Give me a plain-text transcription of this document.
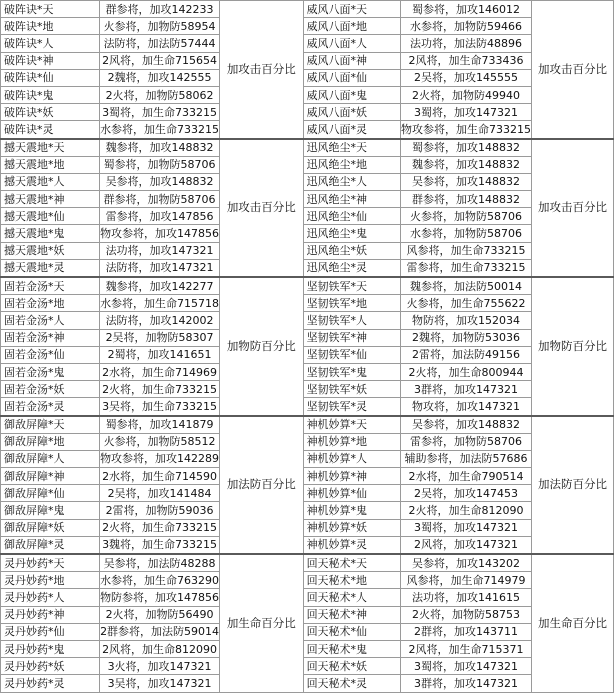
破阵诀*天	群参将，加攻142233	加攻击百分比	威风八面*天	蜀参将，加攻146012	加攻击百分比
破阵诀*地	火参将，加物防58954		威风八面*地	水参将，加物防59466	
破阵诀*人	法防将，加法防57444		威风八面*人	法功将，加法防48896	
破阵诀*神	2风将，加生命715654		威风八面*神	2风将，加生命733436	
破阵诀*仙	2魏将，加攻142555		威风八面*仙	2吴将，加攻145555	
破阵诀*鬼	2火将，加物防58062		威风八面*鬼	2火将，加物防49940	
破阵诀*妖	3蜀将，加生命733215		威风八面*妖	3蜀将，加攻147321	
破阵诀*灵	水参将，加生命733215		威风八面*灵	物攻参将，加生命733215	
撼天震地*天	魏参将，加攻148832	加攻击百分比	迅风绝尘*天	蜀参将，加攻148832	加攻击百分比
撼天震地*地	蜀参将，加物防58706		迅风绝尘*地	魏参将，加攻148832	
撼天震地*人	吴参将，加攻148832		迅风绝尘*人	吴参将，加攻148832	
撼天震地*神	群参将，加物防58706		迅风绝尘*神	群参将，加攻148832	
撼天震地*仙	雷参将，加攻147856		迅风绝尘*仙	火参将，加物防58706	
撼天震地*鬼	物攻参将，加攻147856		迅风绝尘*鬼	水参将，加物防58706	
撼天震地*妖	法功将，加攻147321		迅风绝尘*妖	风参将，加生命733215	
撼天震地*灵	法防将，加攻147321		迅风绝尘*灵	雷参将，加生命733215	
固若金汤*天	魏参将，加攻142277	加物防百分比	坚韧铁军*天	魏参将，加法防50014	加物防百分比
固若金汤*地	水参将，加生命715718		坚韧铁军*地	火参将，加生命755622	
固若金汤*人	法防将，加攻142002		坚韧铁军*人	物防将，加攻152034	
固若金汤*神	2吴将，加物防58307		坚韧铁军*神	2魏将，加物防53036	
固若金汤*仙	2蜀将，加攻141651		坚韧铁军*仙	2雷将，加法防49156	
固若金汤*鬼	2水将，加生命714969		坚韧铁军*鬼	2火将，加生命800944	
固若金汤*妖	2火将，加生命733215		坚韧铁军*妖	3群将，加攻147321	
固若金汤*灵	3吴将，加生命733215		坚韧铁军*灵	物攻将，加攻147321	
御敌屏障*天	蜀参将，加攻141879	加法防百分比	神机妙算*天	吴参将，加攻148832	加法防百分比
御敌屏障*地	火参将，加物防58512		神机妙算*地	雷参将，加物防58706	
御敌屏障*人	物攻参将，加攻142289		神机妙算*人	辅助参将，加法防57686	
御敌屏障*神	2水将，加生命714590		神机妙算*神	2水将，加生命790514	
御敌屏障*仙	2吴将，加攻141484		神机妙算*仙	2吴将，加攻147453	
御敌屏障*鬼	2雷将，加物防59036		神机妙算*鬼	2火将，加生命812090	
御敌屏障*妖	2火将，加生命733215		神机妙算*妖	3蜀将，加攻147321	
御敌屏障*灵	3魏将，加生命733215		神机妙算*灵	2风将，加攻147321	
灵丹妙药*天	吴参将，加法防48288	加生命百分比	回天秘术*天	吴参将，加攻143202	加生命百分比
灵丹妙药*地	水参将，加生命763290		回天秘术*地	风参将，加生命714979	
灵丹妙药*人	物防参将，加攻147856		回天秘术*人	法功将，加攻141615	
灵丹妙药*神	2火将，加物防56490		回天秘术*神	2火将，加物防58753	
灵丹妙药*仙	2群参将，加法防59014		回天秘术*仙	2群将，加攻143711	
灵丹妙药*鬼	2风将，加生命812090		回天秘术*鬼	2风将，加生命715371	
灵丹妙药*妖	3火将，加攻147321		回天秘术*妖	3蜀将，加攻147321	
灵丹妙药*灵	3吴将，加攻147321		回天秘术*灵	3群将，加攻147321	
